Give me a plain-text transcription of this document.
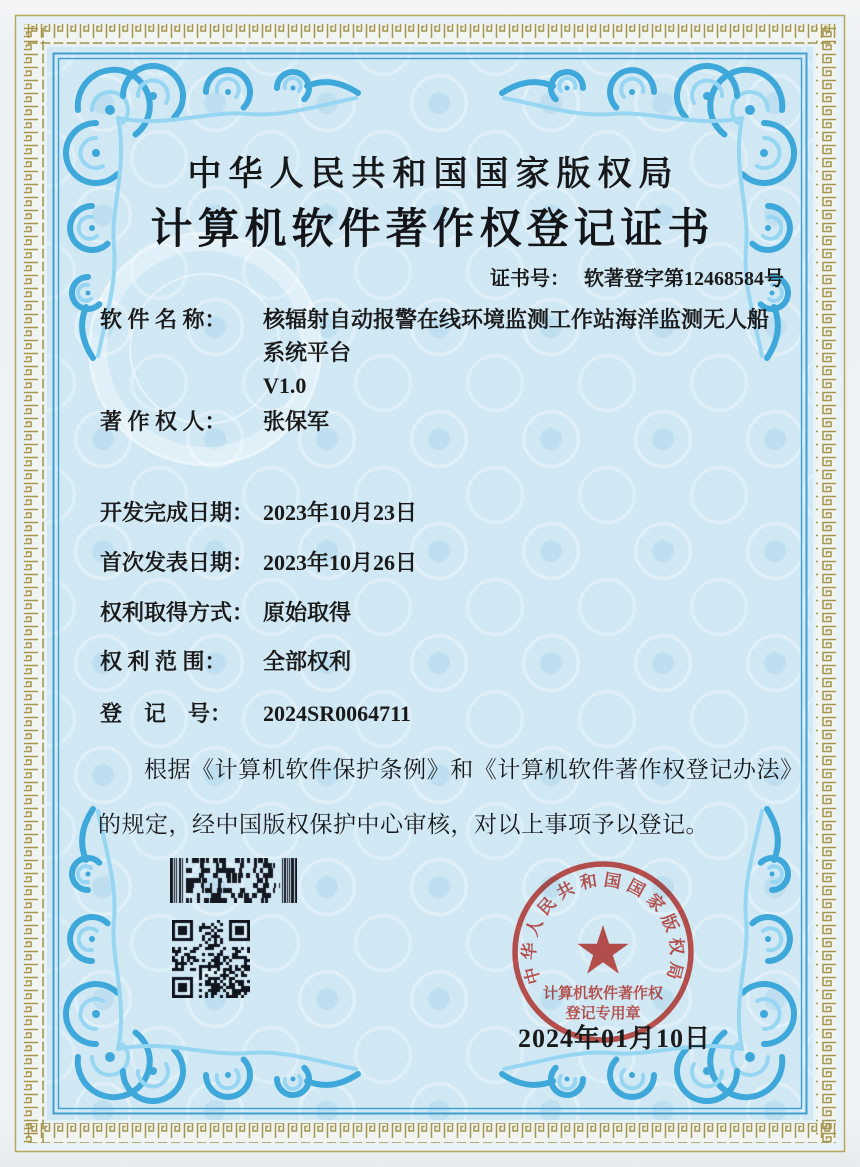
中华人民共和国国家版权局
计算机软件著作权登记证书
证书号： 软著登字第12468584号
软 件 名 称： 核辐射自动报警在线环境监测工作站海洋监测无人船
系统平台
V1.0
著 作 权 人： 张保军
开发完成日期： 2023年10月23日
首次发表日期： 2023年10月26日
权利取得方式： 原始取得
权 利 范 围： 全部权利
登　记　号： 2024SR0064711
根据《计算机软件保护条例》和《计算机软件著作权登记办法》的规定，经中国版权保护中心审核，对以上事项予以登记。
中华人民共和国国家版权局
计算机软件著作权
登记专用章
2024年01月10日
